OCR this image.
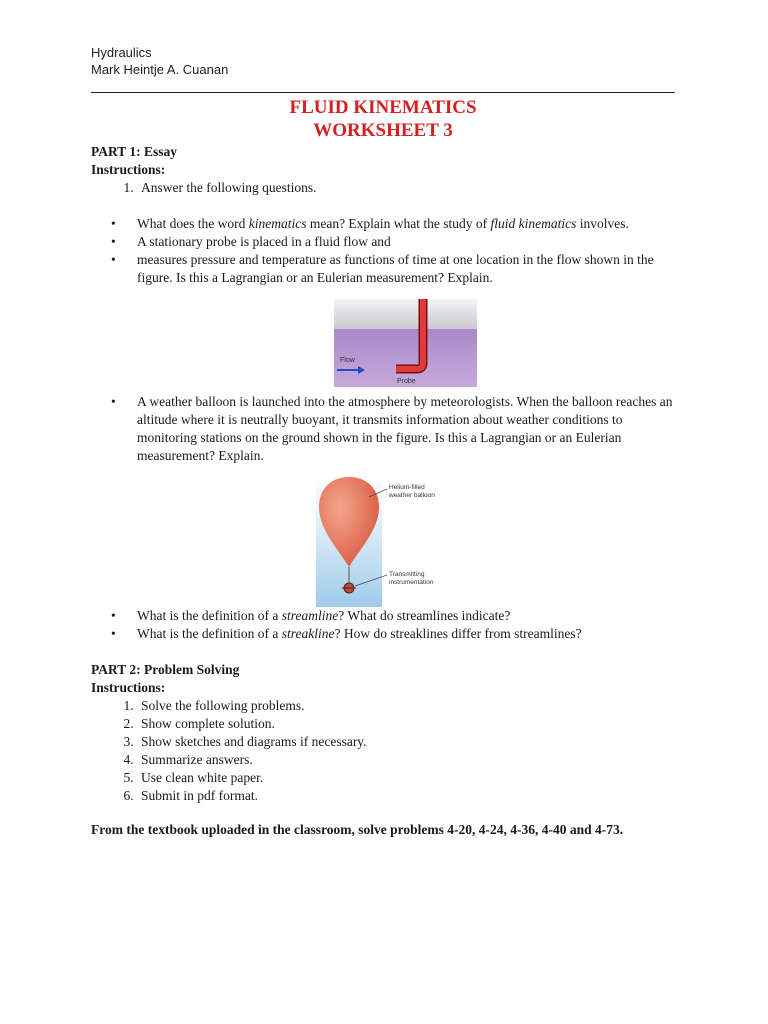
Hydraulics
Mark Heintje A. Cuanan
FLUID KINEMATICS
WORKSHEET 3
PART 1: Essay
Instructions:
1. Answer the following questions.
• What does the word kinematics mean? Explain what the study of fluid kinematics involves.
• A stationary probe is placed in a fluid flow and
• measures pressure and temperature as functions of time at one location in the flow shown in the figure. Is this a Lagrangian or an Eulerian measurement? Explain.
Flow
Probe
• A weather balloon is launched into the atmosphere by meteorologists. When the balloon reaches an altitude where it is neutrally buoyant, it transmits information about weather conditions to monitoring stations on the ground shown in the figure. Is this a Lagrangian or an Eulerian measurement? Explain.
Helium-filled
weather balloon
Transmitting
instrumentation
• What is the definition of a streamline? What do streamlines indicate?
• What is the definition of a streakline? How do streaklines differ from streamlines?
PART 2: Problem Solving
Instructions:
1. Solve the following problems.
2. Show complete solution.
3. Show sketches and diagrams if necessary.
4. Summarize answers.
5. Use clean white paper.
6. Submit in pdf format.
From the textbook uploaded in the classroom, solve problems 4-20, 4-24, 4-36, 4-40 and 4-73.
